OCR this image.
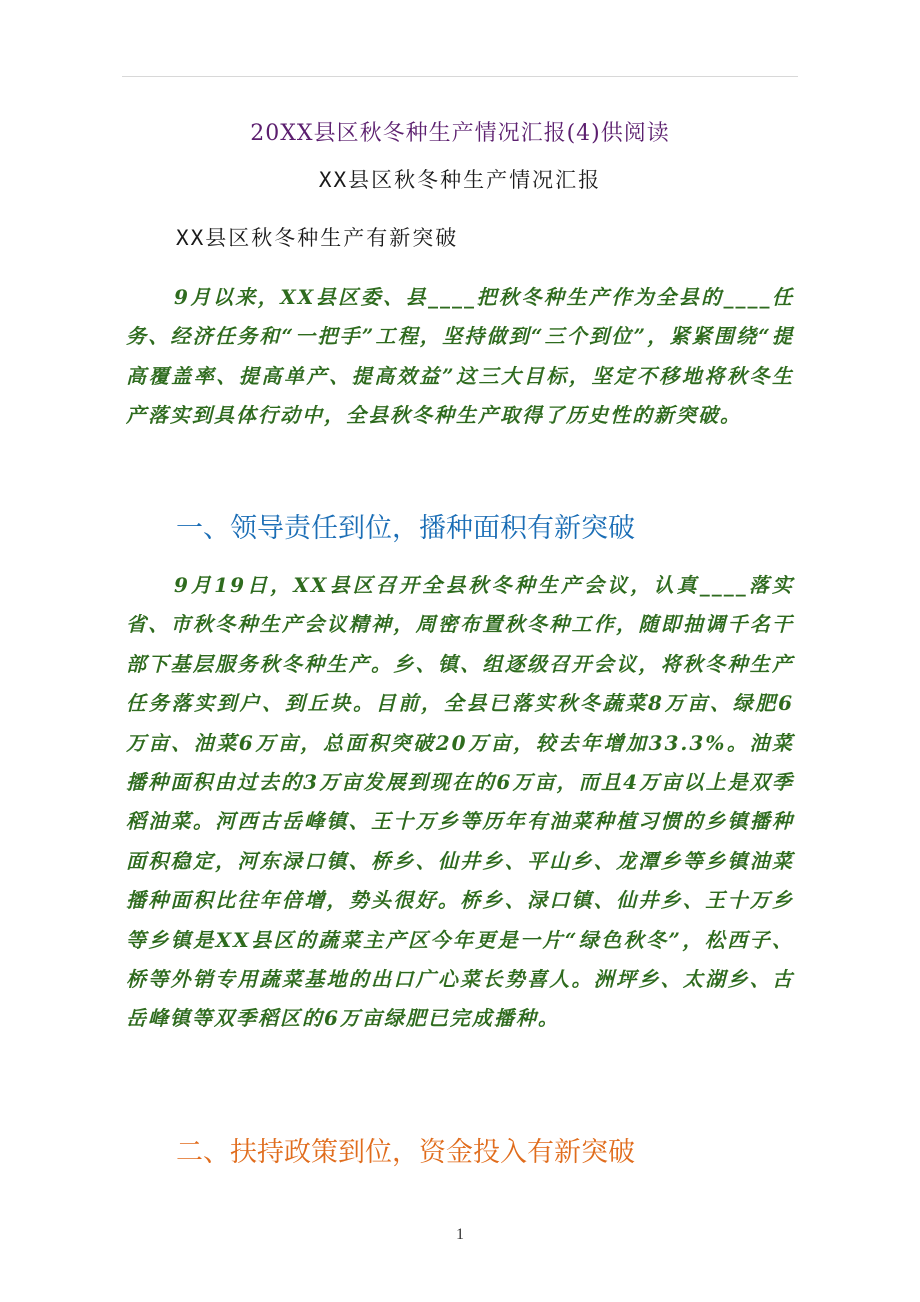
20XX县区秋冬种生产情况汇报(4)供阅读
XX县区秋冬种生产情况汇报
XX县区秋冬种生产有新突破

9月以来，XX县区委、县____把秋冬种生产作为全县的____任务、经济任务和“一把手”工程，坚持做到“三个到位”，紧紧围绕“提高覆盖率、提高单产、提高效益”这三大目标，坚定不移地将秋冬生产落实到具体行动中，全县秋冬种生产取得了历史性的新突破。

一、领导责任到位，播种面积有新突破

9月19日，XX县区召开全县秋冬种生产会议，认真____落实省、市秋冬种生产会议精神，周密布置秋冬种工作，随即抽调千名干部下基层服务秋冬种生产。乡、镇、组逐级召开会议，将秋冬种生产任务落实到户、到丘块。目前，全县已落实秋冬蔬菜8万亩、绿肥6万亩、油菜6万亩，总面积突破20万亩，较去年增加33.3%。油菜播种面积由过去的3万亩发展到现在的6万亩，而且4万亩以上是双季稻油菜。河西古岳峰镇、王十万乡等历年有油菜种植习惯的乡镇播种面积稳定，河东渌口镇、桥乡、仙井乡、平山乡、龙潭乡等乡镇油菜播种面积比往年倍增，势头很好。桥乡、渌口镇、仙井乡、王十万乡等乡镇是XX县区的蔬菜主产区今年更是一片“绿色秋冬”，松西子、桥等外销专用蔬菜基地的出口广心菜长势喜人。洲坪乡、太湖乡、古岳峰镇等双季稻区的6万亩绿肥已完成播种。

二、扶持政策到位，资金投入有新突破
1
